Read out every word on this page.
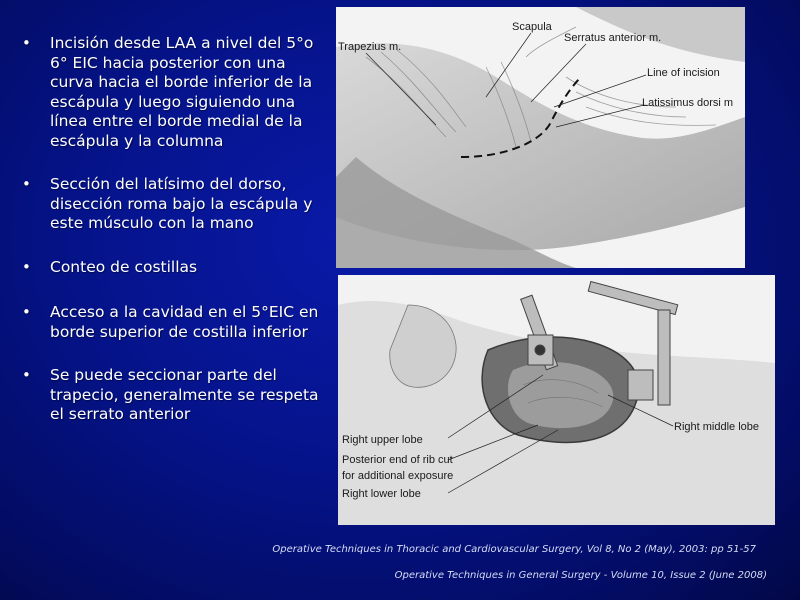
• Incisión desde LAA a nivel del 5°o 6° EIC hacia posterior con una curva hacia el borde inferior de la escápula y luego siguiendo una línea entre el borde medial de la escápula y la columna
• Sección del latísimo del dorso, disección roma bajo la escápula y este músculo con la mano
• Conteo de costillas
• Acceso a la cavidad en el 5°EIC en borde superior de costilla inferior
• Se puede seccionar parte del trapecio, generalmente se respeta el serrato anterior
Trapezius m.
Scapula
Serratus anterior m.
Line of incision
Latissimus dorsi m
Right middle lobe
Right upper lobe
Posterior end of rib cut
for additional exposure
Right lower lobe
Operative Techniques in Thoracic and Cardiovascular Surgery, Vol 8, No 2 (May), 2003: pp 51-57
Operative Techniques in General Surgery - Volume 10, Issue 2 (June 2008)
